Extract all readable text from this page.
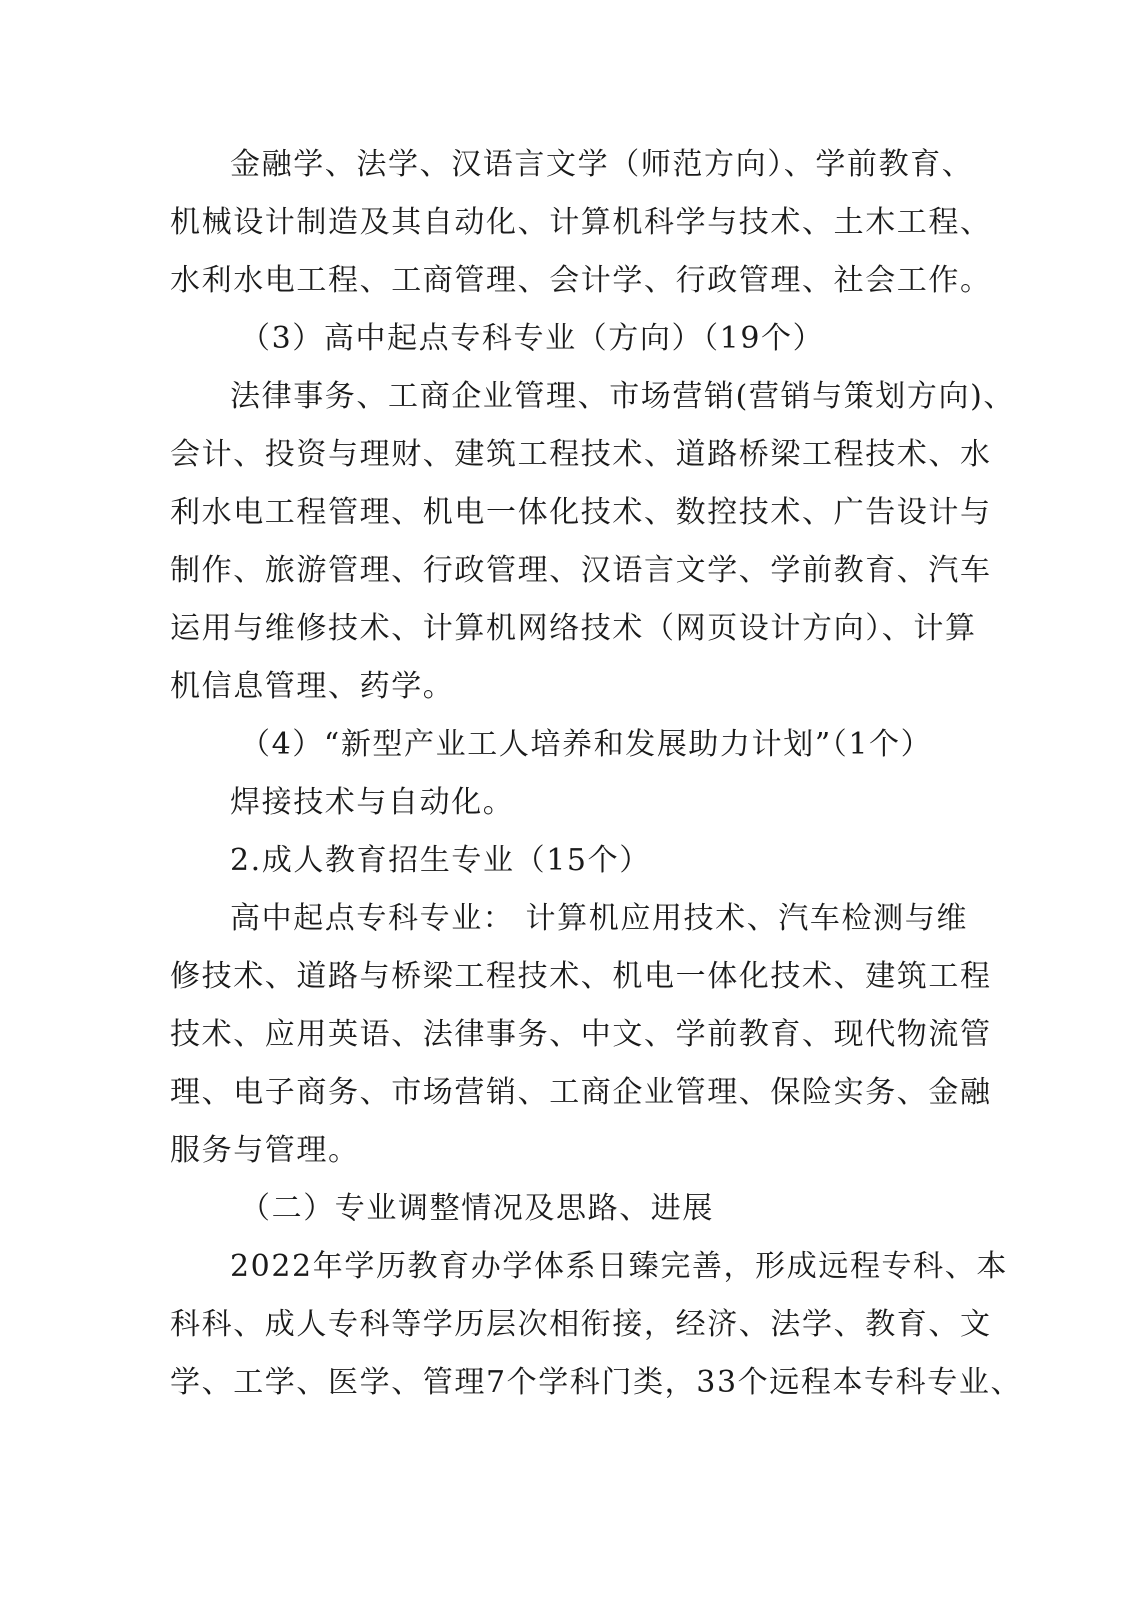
金融学、法学、汉语言文学（师范方向）、学前教育、
机械设计制造及其自动化、计算机科学与技术、土木工程、
水利水电工程、工商管理、会计学、行政管理、社会工作。
（3）高中起点专科专业（方向）（19个）
法律事务、工商企业管理、市场营销(营销与策划方向)、
会计、投资与理财、建筑工程技术、道路桥梁工程技术、水
利水电工程管理、机电一体化技术、数控技术、广告设计与
制作、旅游管理、行政管理、汉语言文学、学前教育、汽车
运用与维修技术、计算机网络技术（网页设计方向）、计算
机信息管理、药学。
（4）“新型产业工人培养和发展助力计划”（1个）
焊接技术与自动化。
2.成人教育招生专业（15个）
高中起点专科专业： 计算机应用技术、汽车检测与维
修技术、道路与桥梁工程技术、机电一体化技术、建筑工程
技术、应用英语、法律事务、中文、学前教育、现代物流管
理、电子商务、市场营销、工商企业管理、保险实务、金融
服务与管理。
（二）专业调整情况及思路、进展
2022年学历教育办学体系日臻完善，形成远程专科、本
科科、成人专科等学历层次相衔接，经济、法学、教育、文
学、工学、医学、管理7个学科门类，33个远程本专科专业、
